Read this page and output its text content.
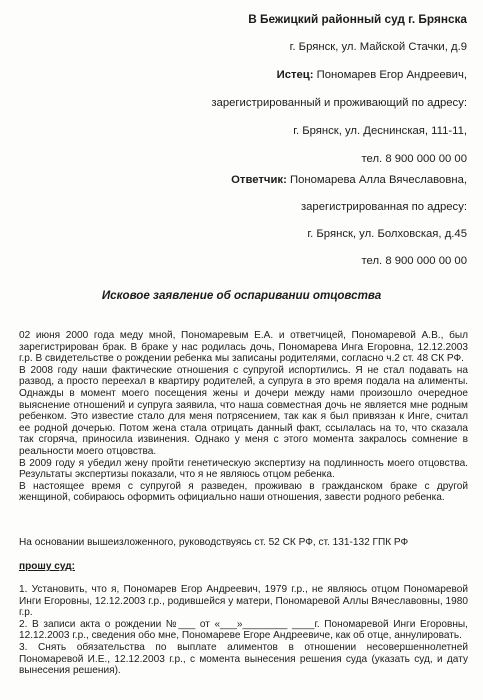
В Бежицкий районный суд г. Брянска
г. Брянск, ул. Майской Стачки, д.9
Истец: Пономарев Егор Андреевич,
зарегистрированный и проживающий по адресу:
г. Брянск, ул. Деснинская, 111-11,
тел. 8 900 000 00 00
Ответчик: Пономарева Алла Вячеславовна,
зарегистрированная по адресу:
г. Брянск, ул. Болховская, д.45
тел. 8 900 000 00 00
Исковое заявление об оспаривании отцовства

02 июня 2000 года меду мной, Пономаревым Е.А. и ответчицей, Пономаревой А.В., был зарегистрирован брак. В браке у нас родилась дочь, Пономарева Инга Егоровна, 12.12.2003 г.р. В свидетельстве о рождении ребенка мы записаны родителями, согласно ч.2 ст. 48 СК РФ.

В 2008 году наши фактические отношения с супругой испортились. Я не стал подавать на развод, а просто переехал в квартиру родителей, а супруга в это время подала на алименты. Однажды в момент моего посещения жены и дочери между нами произошло очередное выяснение отношений и супруга заявила, что наша совместная дочь не является мне родным ребенком. Это известие стало для меня потрясением, так как я был привязан к Инге, считал ее родной дочерью. Потом жена стала отрицать данный факт, ссылалась на то, что сказала так сгоряча, приносила извинения. Однако у меня с этого момента закралось сомнение в реальности моего отцовства.

В 2009 году я убедил жену пройти генетическую экспертизу на подлинность моего отцовства. Результаты экспертизы показали, что я не являюсь отцом ребенка.

В настоящее время с супругой я разведен, проживаю в гражданском браке с другой женщиной, собираюсь оформить официально наши отношения, завести родного ребенка.

На основании вышеизложенного, руководствуясь ст. 52 СК РФ, ст. 131-132 ГПК РФ
прошу суд:

1. Установить, что я, Пономарев Егор Андреевич, 1979 г.р., не являюсь отцом Пономаревой Инги Егоровны, 12.12.2003 г.р., родившейся у матери, Пономаревой Аллы Вячеславовны, 1980 г.р.

2. В записи акта о рождении №___ от «___»________ ____г. Пономаревой Инги Егоровны, 12.12.2003 г.р., сведения обо мне, Пономареве Егоре Андреевиче, как об отце, аннулировать.

3. Снять обязательства по выплате алиментов в отношении несовершеннолетней Пономаревой И.Е., 12.12.2003 г.р., с момента вынесения решения суда (указать суд, и дату вынесения решения).
